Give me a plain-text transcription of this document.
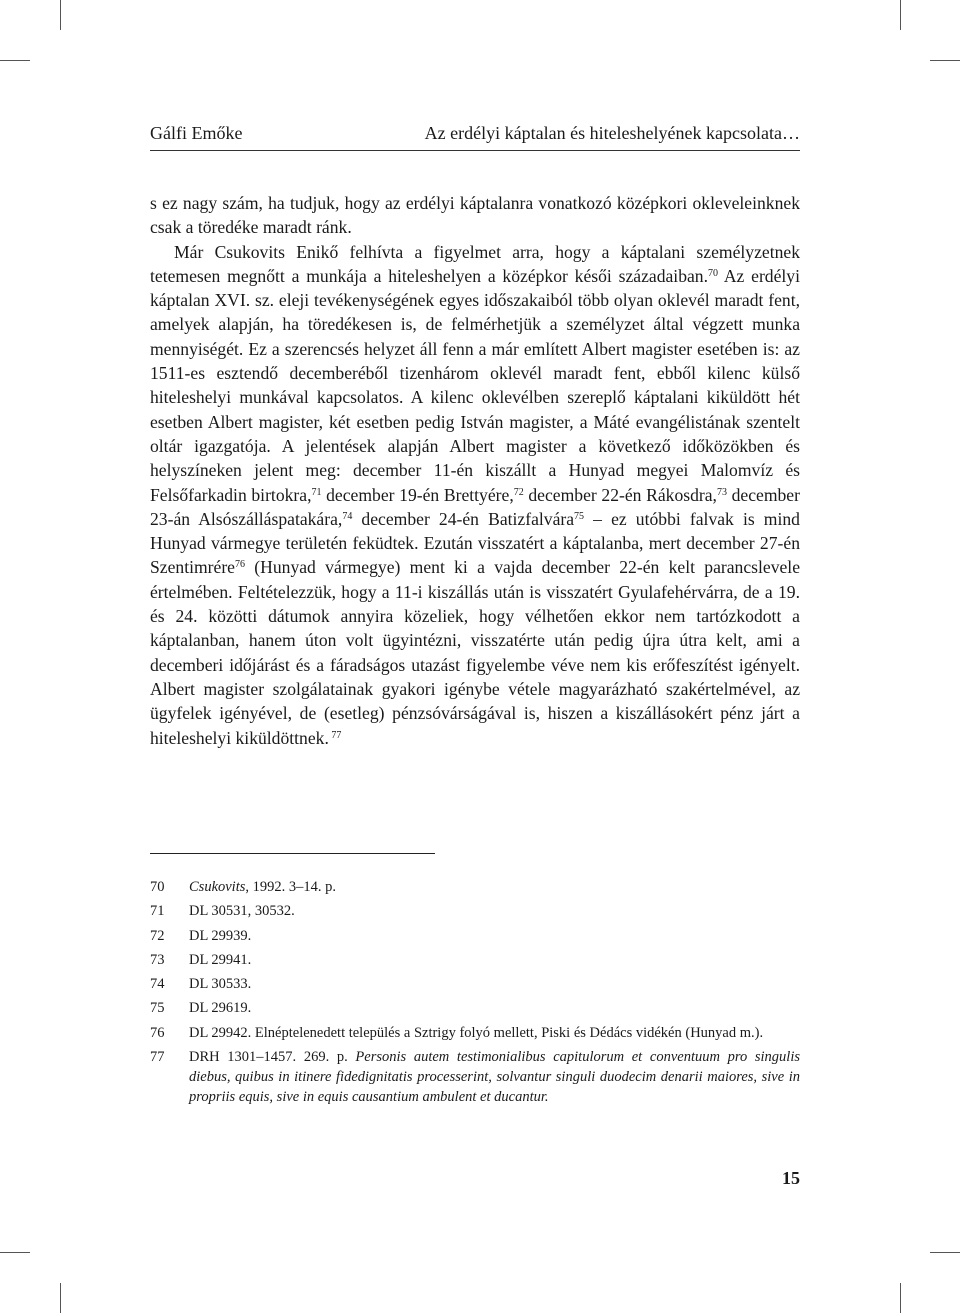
Gálfi Emőke	Az erdélyi káptalan és hiteleshelyének kapcsolata…

s ez nagy szám, ha tudjuk, hogy az erdélyi káptalanra vonatkozó középkori okleveleinknek csak a töredéke maradt ránk.

Már Csukovits Enikő felhívta a figyelmet arra, hogy a káptalani személyzetnek tetemesen megnőtt a munkája a hiteleshelyen a középkor késői századaiban.$^{70}$ Az erdélyi káptalan XVI. sz. eleji tevékenységének egyes időszakaiból több olyan oklevél maradt fent, amelyek alapján, ha töredékesen is, de felmérhetjük a személyzet által végzett munka mennyiségét. Ez a szerencsés helyzet áll fenn a már említett Albert magister esetében is: az 1511-es esztendő decemberéből tizenhárom oklevél maradt fent, ebből kilenc külső hiteleshelyi munkával kapcsolatos. A kilenc oklevélben szereplő káptalani kiküldött hét esetben Albert magister, két esetben pedig István magister, a Máté evangélistának szentelt oltár igazgatója. A jelentések alapján Albert magister a következő időközökben és helyszíneken jelent meg: december 11-én kiszállt a Hunyad megyei Malomvíz és Felsőfarkadin birtokra,$^{71}$ december 19-én Brettyére,$^{72}$ december 22-én Rákosdra,$^{73}$ december 23-án Alsószálláspatakára,$^{74}$ december 24-én Batizfalvára$^{75}$ – ez utóbbi falvak is mind Hunyad vármegye területén feküdtek. Ezután visszatért a káptalanba, mert december 27-én Szentimrére$^{76}$ (Hunyad vármegye) ment ki a vajda december 22-én kelt parancslevele értelmében. Feltételezzük, hogy a 11-i kiszállás után is visszatért Gyulafehérvárra, de a 19. és 24. közötti dátumok annyira közeliek, hogy vélhetően ekkor nem tartózkodott a káptalanban, hanem úton volt ügyintézni, visszatérte után pedig újra útra kelt, ami a decemberi időjárást és a fáradságos utazást figyelembe véve nem kis erőfeszítést igényelt. Albert magister szolgálatainak gyakori igénybe vétele magyarázható szakértelmével, az ügyfelek igényével, de (esetleg) pénzsóvárságával is, hiszen a kiszállásokért pénz járt a hiteleshelyi kiküldöttnek. $^{77}$

70 Csukovits, 1992. 3–14. p.
71 DL 30531, 30532.
72 DL 29939.
73 DL 29941.
74 DL 30533.
75 DL 29619.
76 DL 29942. Elnéptelenedett település a Sztrigy folyó mellett, Piski és Dédács vidékén (Hunyad m.).
77 DRH 1301–1457. 269. p. Personis autem testimonialibus capitulorum et conventuum pro singulis diebus, quibus in itinere fidedignitatis processerint, solvantur singuli duodecim denarii maiores, sive in propriis equis, sive in equis causantium ambulent et ducantur.
15
